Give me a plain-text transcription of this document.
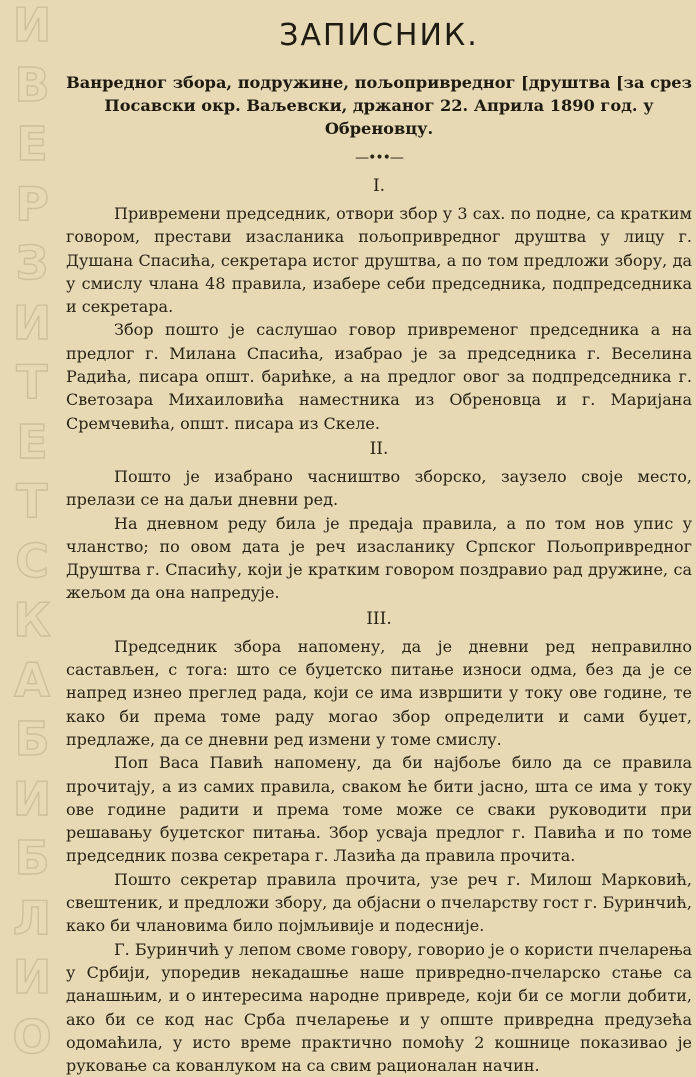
И
В
Е
Р
З
И
Т
Е
Т
С
К
А
Б
И
Б
Л
И
О
ЗАПИСНИК.
Ванредног збора, подружине, пољопривредног [друштва [за срез
Посавски окр. Ваљевски, држаног 22. Априла 1890 год. у Обреновцу.
—•••—
I.

Привремени председник, отвори збор у 3 сах. по подне, са кратким говором, престави изасланика пољопривредног друштва у лицу г. Душана Спасића, секретара истог друштва, а по том предложи збору, да у смислу члана 48 правила, изабере себи председника, подпредседника и секретара.

Збор пошто је саслушао говор привременог председника а на предлог г. Милана Спасића, изабрао је за председника г. Веселина Радића, писара општ. барићке, а на предлог овог за подпредседника г. Светозара Михаиловића наместника из Обреновца и г. Маријана Сремчевића, општ. писара из Скеле.

II.

Пошто је изабрано часништво зборско, заузело своје место, прелази се на даљи дневни ред.

На дневном реду била је предаја правила, а по том нов упис у чланство; по овом дата је реч изасланику Српског Пољопривредног Друштва г. Спасићу, који је кратким говором поздравио рад дружине, са жељом да она напредује.

III.

Председник збора напомену, да је дневни ред неправилно састављен, с тога: што се буџетско питање износи одма, без да је се напред изнео преглед рада, који се има извршити у току ове године, те како би према томе раду могао збор определити и сами буџет, предлаже, да се дневни ред измени у томе смислу.

Поп Васа Павић напомену, да би најбоље било да се правила прочитају, а из самих правила, сваком ће бити јасно, шта се има у току ове године радити и према томе може се сваки руководити при решавању буџетског питања. Збор усваја предлог г. Павића и по томе председник позва секретара г. Лазића да правила прочита.

Пошто секретар правила прочита, узе реч г. Милош Марковић, свештеник, и предложи збору, да објасни о пчеларству гост г. Буринчић, како би члановима било појмљивије и подесније.

Г. Буринчић у лепом своме говору, говорио је о користи пчеларења у Србији, упоредив некадашње наше привредно-пчеларско стање са данашњим, и о интересима народне привреде, који би се могли добити, ако би се код нас Срба пчеларење и у опште привредна предузећа одомаћила, у исто време практично помоћу 2 кошнице показивао је руковање са кованлуком на са свим рационалан начин.
